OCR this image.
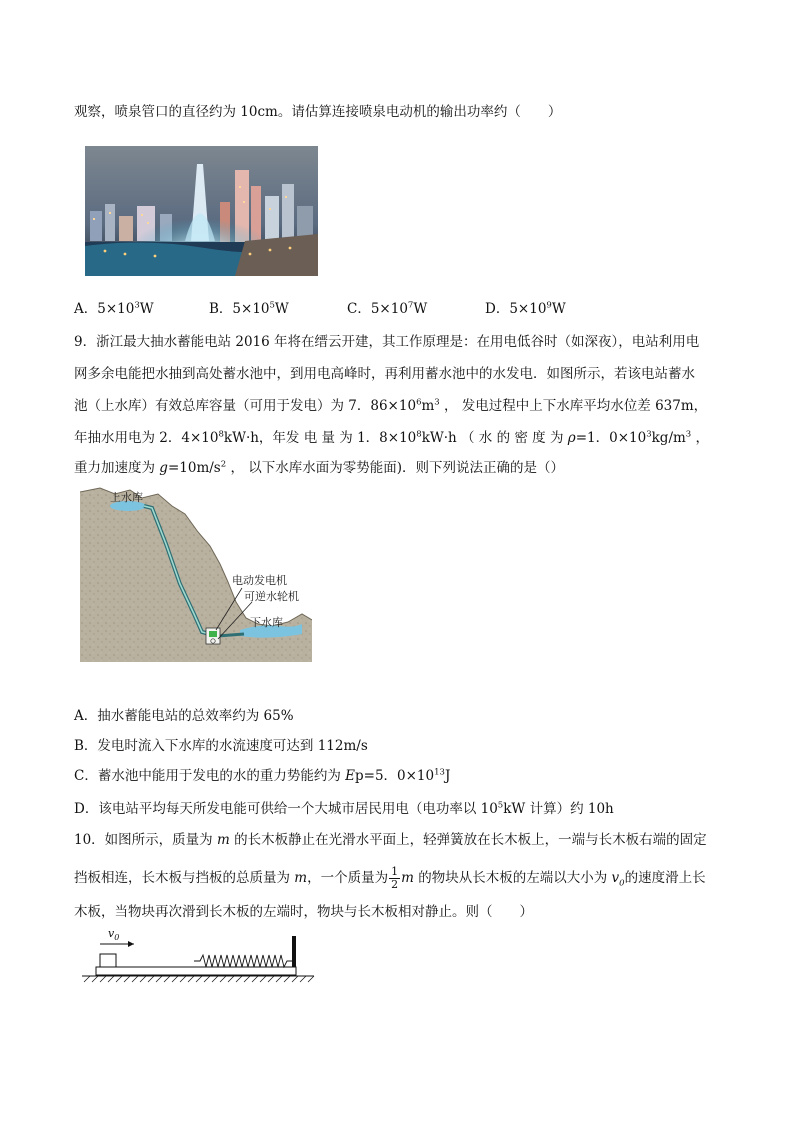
观察，喷泉管口的直径约为 10cm。请估算连接喷泉电动机的输出功率约（　　）
A．$5\times 10^3W$	B．$5\times 10^5W$	C．$5\times 10^7W$	D．$5\times 10^9W$
9．浙江最大抽水蓄能电站 2016 年将在缙云开建，其工作原理是：在用电低谷时（如深夜），电站利用电
网多余电能把水抽到高处蓄水池中，到用电高峰时，再利用蓄水池中的水发电．如图所示，若该电站蓄水
池（上水库）有效总库容量（可用于发电）为 7．$86\times 10^6m^3$ ， 发电过程中上下水库平均水位差 637m，
年抽水用电为 2．$4\times 10^8kW\cdot h$，年发 电 量 为 1．$8\times 10^8kW\cdot h$ （ 水 的 密 度 为 ρ=1．$0\times 10^3kg/m^3$ ，
重力加速度为 $g=10m/s^2$ ， 以下水库水面为零势能面)．则下列说法正确的是（）
上水库
电动发电机
可逆水轮机
下水库
A．抽水蓄能电站的总效率约为 65%
B．发电时流入下水库的水流速度可达到 112m/s
C．蓄水池中能用于发电的水的重力势能约为 Ep=5．$0\times 10^{13}J$
D．该电站平均每天所发电能可供给一个大城市居民用电（电功率以 $10^5kW$ 计算）约 10h
10．如图所示，质量为 m 的长木板静止在光滑水平面上，轻弹簧放在长木板上，一端与长木板右端的固定
挡板相连，长木板与挡板的总质量为 m，一个质量为 $\frac{1}{2}$ m 的物块从长木板的左端以大小为 $v_0$的速度滑上长
木板，当物块再次滑到长木板的左端时，物块与长木板相对静止。则（　　）
$v_0$
